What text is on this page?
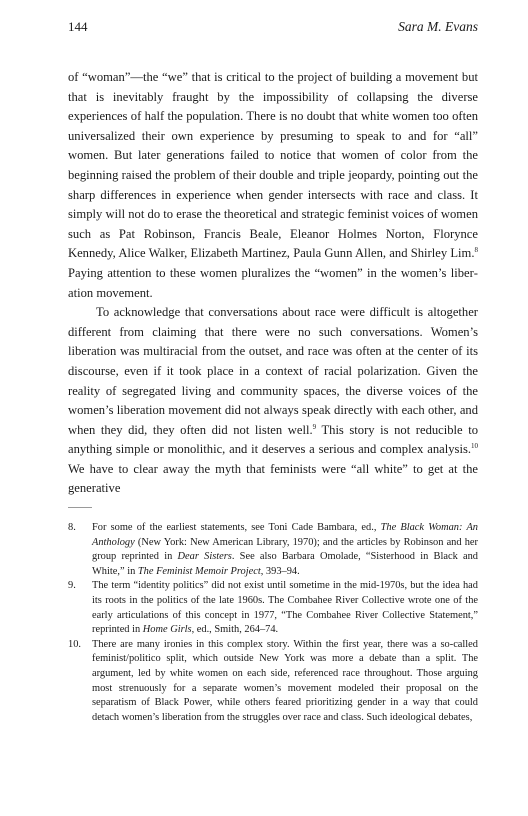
144	Sara M. Evans

of “woman”—the “we” that is critical to the project of building a movement but that is inevitably fraught by the impossibility of collapsing the diverse experiences of half the population. There is no doubt that white women too often universalized their own experience by presuming to speak to and for “all” women. But later generations failed to notice that women of color from the beginning raised the problem of their double and triple jeopardy, pointing out the sharp differences in experience when gender intersects with race and class. It simply will not do to erase the theoretical and strategic feminist voices of women such as Pat Robinson, Francis Beale, Eleanor Holmes Norton, Florynce Kennedy, Alice Walker, Elizabeth Martinez, Paula Gunn Allen, and Shirley Lim.$^8$ Paying attention to these women pluralizes the “women” in the women’s liberation movement.

To acknowledge that conversations about race were difficult is altogether different from claiming that there were no such conversations. Women’s liberation was multiracial from the outset, and race was often at the center of its discourse, even if it took place in a context of racial polarization. Given the reality of segregated living and community spaces, the diverse voices of the women’s liberation movement did not always speak directly with each other, and when they did, they often did not listen well.$^9$ This story is not reducible to anything simple or monolithic, and it deserves a serious and complex analysis.$^{10}$ We have to clear away the myth that feminists were “all white” to get at the generative

8. For some of the earliest statements, see Toni Cade Bambara, ed., The Black Woman: An Anthology (New York: New American Library, 1970); and the articles by Robinson and her group reprinted in Dear Sisters. See also Barbara Omolade, “Sisterhood in Black and White,” in The Feminist Memoir Project, 393–94.
9. The term “identity politics” did not exist until sometime in the mid-1970s, but the idea had its roots in the politics of the late 1960s. The Combahee River Collective wrote one of the early articulations of this concept in 1977, “The Combahee River Collective Statement,” reprinted in Home Girls, ed., Smith, 264–74.
10. There are many ironies in this complex story. Within the first year, there was a so-called feminist/politico split, which outside New York was more a debate than a split. The argument, led by white women on each side, referenced race throughout. Those arguing most strenuously for a separate women’s movement modeled their proposal on the separatism of Black Power, while others feared prioritizing gender in a way that could detach women’s liberation from the struggles over race and class. Such ideological debates,
